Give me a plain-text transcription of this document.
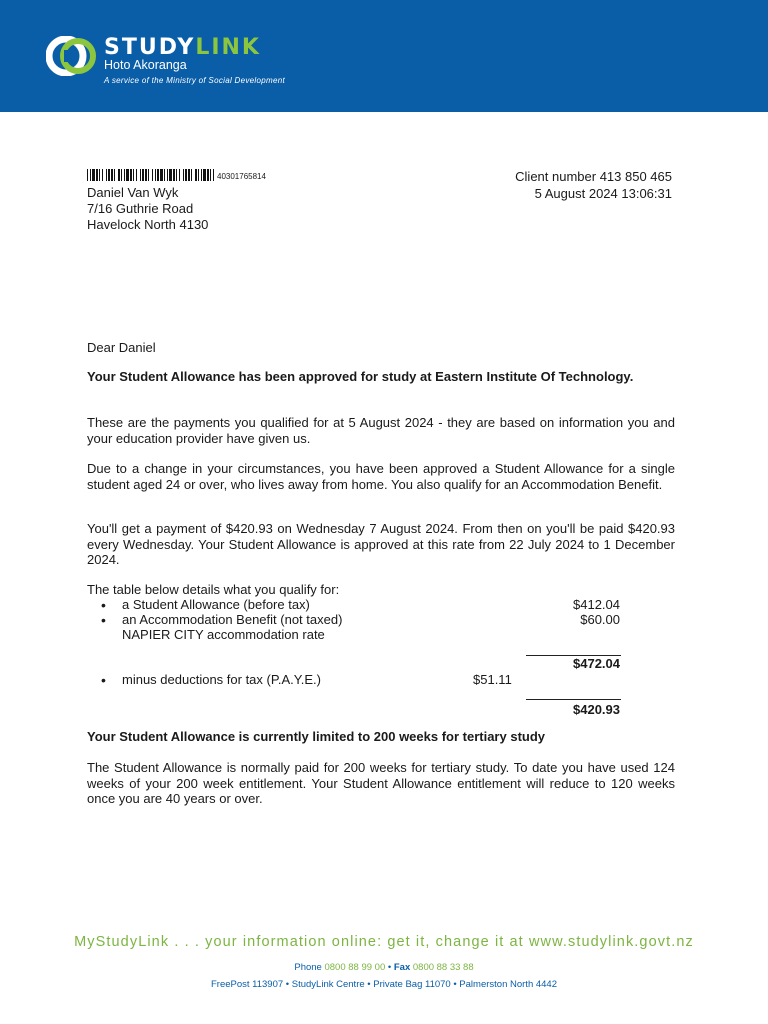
STUDYLINK
Hoto Akoranga
A service of the Ministry of Social Development
40301765814
Daniel Van Wyk
7/16 Guthrie Road
Havelock North 4130
Client number 413 850 465
5 August 2024 13:06:31
Dear Daniel

Your Student Allowance has been approved for study at Eastern Institute Of Technology.

These are the payments you qualified for at 5 August 2024 - they are based on information you and your education provider have given us.

Due to a change in your circumstances, you have been approved a Student Allowance for a single student aged 24 or over, who lives away from home. You also qualify for an Accommodation Benefit.

You'll get a payment of $420.93 on Wednesday 7 August 2024. From then on you'll be paid $420.93 every Wednesday. Your Student Allowance is approved at this rate from 22 July 2024 to 1 December 2024.

The table below details what you qualify for:
• a Student Allowance (before tax)	$412.04
• an Accommodation Benefit (not taxed)	$60.00
NAPIER CITY accommodation rate
$472.04
• minus deductions for tax (P.A.Y.E.)	$51.11
$420.93
Your Student Allowance is currently limited to 200 weeks for tertiary study

The Student Allowance is normally paid for 200 weeks for tertiary study. To date you have used 124 weeks of your 200 week entitlement. Your Student Allowance entitlement will reduce to 120 weeks once you are 40 years or over.

MyStudyLink . . . your information online: get it, change it at www.studylink.govt.nz
Phone 0800 88 99 00 • Fax 0800 88 33 88
FreePost 113907 • StudyLink Centre • Private Bag 11070 • Palmerston North 4442
